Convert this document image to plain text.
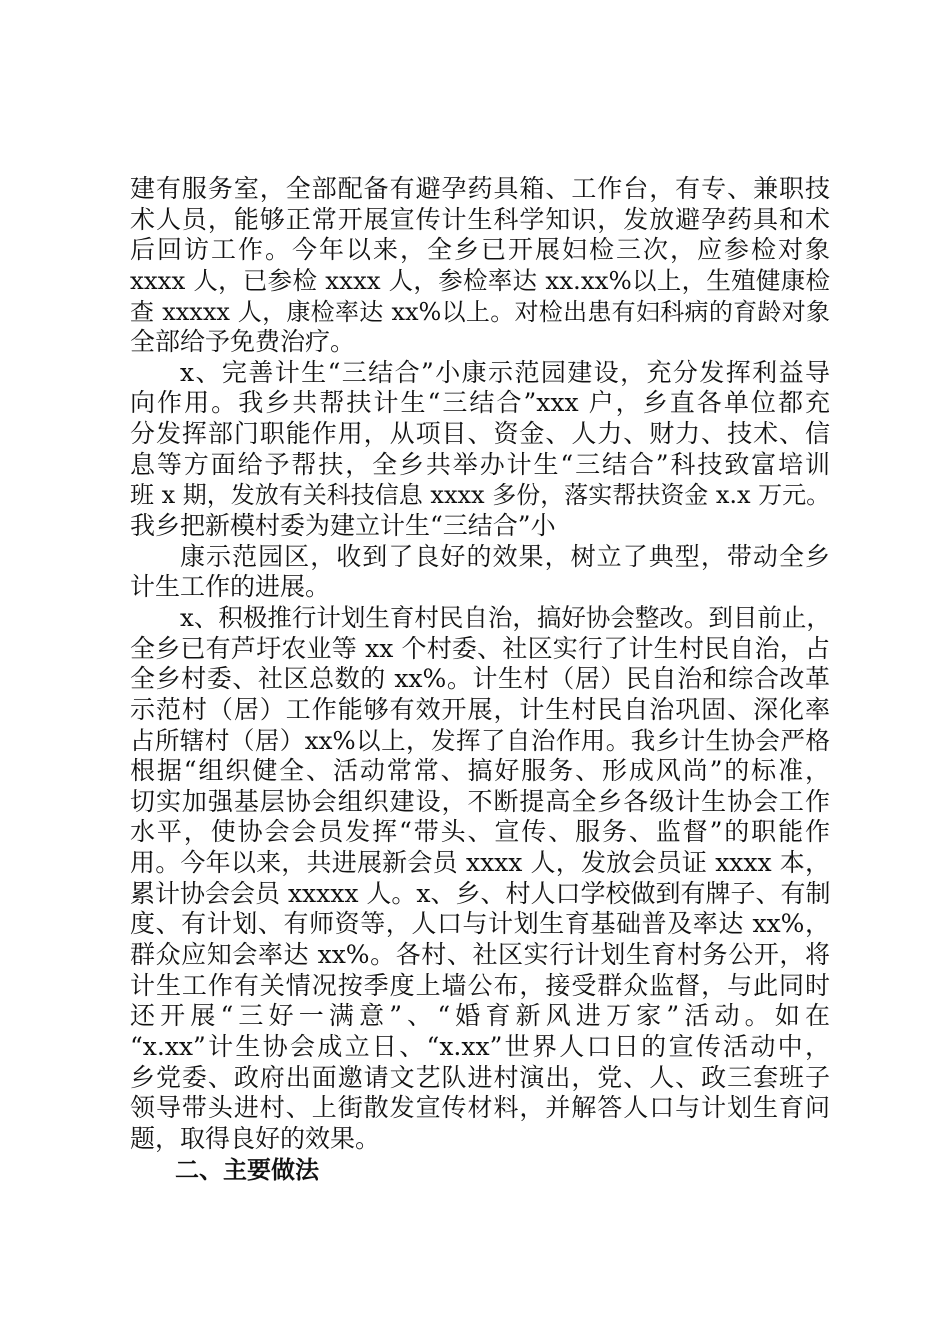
建有服务室，全部配备有避孕药具箱、工作台，有专、兼职技
术人员，能够正常开展宣传计生科学知识，发放避孕药具和术
后回访工作。今年以来，全乡已开展妇检三次，应参检对象
xxxx 人，已参检 xxxx 人，参检率达 xx.xx%以上，生殖健康检
查 xxxxx 人，康检率达 xx%以上。对检出患有妇科病的育龄对象
全部给予免费治疗。
x、完善计生“三结合”小康示范园建设，充分发挥利益导
向作用。我乡共帮扶计生“三结合”xxx 户，乡直各单位都充
分发挥部门职能作用，从项目、资金、人力、财力、技术、信
息等方面给予帮扶，全乡共举办计生“三结合”科技致富培训
班 x 期，发放有关科技信息 xxxx 多份，落实帮扶资金 x.x 万元。
我乡把新模村委为建立计生“三结合”小
康示范园区，收到了良好的效果，树立了典型，带动全乡
计生工作的进展。
x、积极推行计划生育村民自治，搞好协会整改。到目前止，
全乡已有芦圩农业等 xx 个村委、社区实行了计生村民自治，占
全乡村委、社区总数的 xx%。计生村（居）民自治和综合改革
示范村（居）工作能够有效开展，计生村民自治巩固、深化率
占所辖村（居）xx%以上，发挥了自治作用。我乡计生协会严格
根据“组织健全、活动常常、搞好服务、形成风尚”的标准，
切实加强基层协会组织建设，不断提高全乡各级计生协会工作
水平，使协会会员发挥“带头、宣传、服务、监督”的职能作
用。今年以来，共进展新会员 xxxx 人，发放会员证 xxxx 本，
累计协会会员 xxxxx 人。x、乡、村人口学校做到有牌子、有制
度、有计划、有师资等，人口与计划生育基础普及率达 xx%，
群众应知会率达 xx%。各村、社区实行计划生育村务公开，将
计生工作有关情况按季度上墙公布，接受群众监督，与此同时
还开展“三好一满意”、“婚育新风进万家”活动。如在
“x.xx”计生协会成立日、“x.xx”世界人口日的宣传活动中，
乡党委、政府出面邀请文艺队进村演出，党、人、政三套班子
领导带头进村、上街散发宣传材料，并解答人口与计划生育问
题，取得良好的效果。
二、主要做法
